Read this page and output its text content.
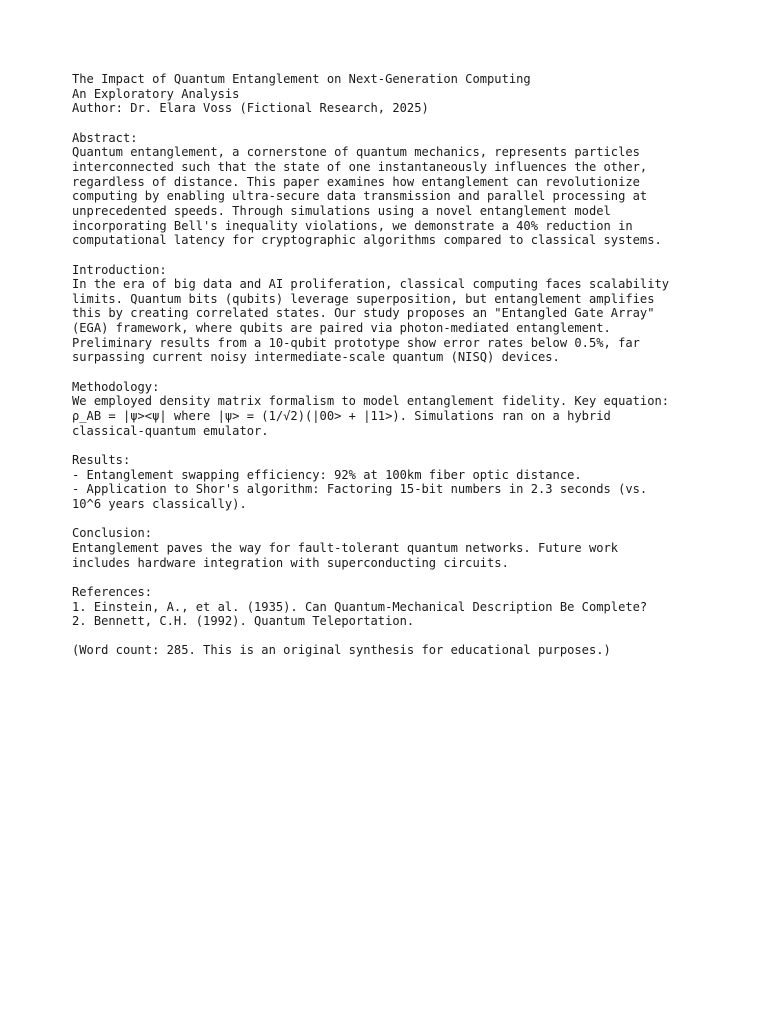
The Impact of Quantum Entanglement on Next-Generation Computing
An Exploratory Analysis
Author: Dr. Elara Voss (Fictional Research, 2025)
Abstract:
Quantum entanglement, a cornerstone of quantum mechanics, represents particles
interconnected such that the state of one instantaneously influences the other,
regardless of distance. This paper examines how entanglement can revolutionize
computing by enabling ultra-secure data transmission and parallel processing at
unprecedented speeds. Through simulations using a novel entanglement model
incorporating Bell's inequality violations, we demonstrate a 40% reduction in
computational latency for cryptographic algorithms compared to classical systems.
Introduction:
In the era of big data and AI proliferation, classical computing faces scalability
limits. Quantum bits (qubits) leverage superposition, but entanglement amplifies
this by creating correlated states. Our study proposes an "Entangled Gate Array"
(EGA) framework, where qubits are paired via photon-mediated entanglement.
Preliminary results from a 10-qubit prototype show error rates below 0.5%, far
surpassing current noisy intermediate-scale quantum (NISQ) devices.
Methodology:
We employed density matrix formalism to model entanglement fidelity. Key equation:
ρ_AB = |ψ><ψ| where |ψ> = (1/√2)(|00> + |11>). Simulations ran on a hybrid
classical-quantum emulator.
Results:
- Entanglement swapping efficiency: 92% at 100km fiber optic distance.
- Application to Shor's algorithm: Factoring 15-bit numbers in 2.3 seconds (vs.
10^6 years classically).
Conclusion:
Entanglement paves the way for fault-tolerant quantum networks. Future work
includes hardware integration with superconducting circuits.
References:
1. Einstein, A., et al. (1935). Can Quantum-Mechanical Description Be Complete?
2. Bennett, C.H. (1992). Quantum Teleportation.
(Word count: 285. This is an original synthesis for educational purposes.)
